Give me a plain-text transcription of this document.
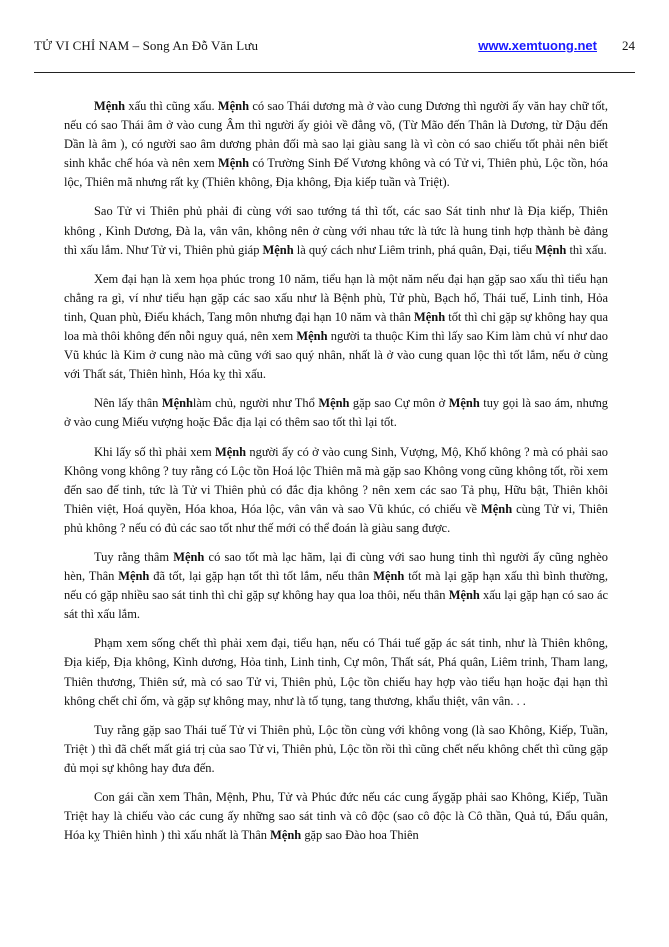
TỬ VI CHỈ NAM – Song An Đỗ Văn Lưu	www.xemtuong.net 24

Mệnh xấu thì cũng xấu. Mệnh có sao Thái dương mà ở vào cung Dương thì người ấy văn hay chữ tốt, nếu có sao Thái âm ở vào cung Âm thì người ấy giỏi về đẳng võ, (Từ Mão đến Thân là Dương, từ Dậu đến Dần là âm ), có người sao âm dương phản đối mà sao lại giàu sang là vì còn có sao chiếu tốt phải nên biết sinh khắc chế hóa và nên xem Mệnh có Trường Sinh Đế Vương không và có Tử vi, Thiên phủ, Lộc tồn, hóa lộc, Thiên mã nhưng rất kỵ (Thiên không, Địa không, Địa kiếp tuần và Triệt).

Sao Tử vi Thiên phủ phải đi cùng với sao tướng tá thì tốt, các sao Sát tinh như là Địa kiếp, Thiên không , Kình Dương, Đà la, vân vân, không nên ở cùng với nhau tức là tức là hung tinh hợp thành bè đảng thì xấu lắm. Như Tử vi, Thiên phủ giáp Mệnh là quý cách như Liêm trinh, phá quân, Đại, tiểu Mệnh thì xấu.

Xem đại hạn là xem họa phúc trong 10 năm, tiểu hạn là một năm nếu đại hạn gặp sao xấu thì tiểu hạn chẳng ra gì, ví như tiểu hạn gặp các sao xấu như là Bệnh phù, Tử phù, Bạch hổ, Thái tuế, Linh tinh, Hỏa tinh, Quan phù, Điếu khách, Tang môn nhưng đại hạn 10 năm và thân Mệnh tốt thì chỉ gặp sự không hay qua loa mà thôi không đến nỗi nguy quá, nên xem Mệnh người ta thuộc Kim thì lấy sao Kim làm chủ ví như dao Vũ khúc là Kim ở cung nào mà cũng với sao quý nhân, nhất là ở vào cung quan lộc thì tốt lắm, nếu ở cùng với Thất sát, Thiên hình, Hóa kỵ thì xấu.

Nên lấy thân Mệnhlàm chủ, người như Thổ Mệnh gặp sao Cự môn ở Mệnh tuy gọi là sao ám, nhưng ở vào cung Miếu vượng hoặc Đắc địa lại có thêm sao tốt thì lại tốt.

Khi lấy số thì phải xem Mệnh người ấy có ở vào cung Sinh, Vượng, Mộ, Khố không ? mà có phải sao Không vong không ? tuy rằng có Lộc tồn Hoá lộc Thiên mã mà gặp sao Không vong cũng không tốt, rồi xem đến sao đế tinh, tức là Tử vi Thiên phủ có đắc địa không ? nên xem các sao Tả phụ, Hữu bật, Thiên khôi Thiên việt, Hoá quyền, Hóa khoa, Hóa lộc, vân vân và sao Vũ khúc, có chiếu về Mệnh cùng Tử vi, Thiên phủ không ? nếu có đủ các sao tốt như thế mới có thể đoán là giàu sang được.

Tuy rằng thâm Mệnh có sao tốt mà lạc hãm, lại đi cùng với sao hung tinh thì người ấy cũng nghèo hèn, Thân Mệnh đã tốt, lại gặp hạn tốt thì tốt lắm, nếu thân Mệnh tốt mà lại gặp hạn xấu thì bình thường, nếu có gặp nhiều sao sát tinh thì chỉ gặp sự không hay qua loa thôi, nếu thân Mệnh xấu lại gặp hạn có sao ác sát thì xấu lắm.

Phạm xem sống chết thì phải xem đại, tiểu hạn, nếu có Thái tuế gặp ác sát tinh, như là Thiên không, Địa kiếp, Địa không, Kình dương, Hỏa tinh, Linh tinh, Cự môn, Thất sát, Phá quân, Liêm trinh, Tham lang, Thiên thương, Thiên sứ, mà có sao Tử vi, Thiên phủ, Lộc tồn chiếu hay hợp vào tiểu hạn hoặc đại hạn thì không chết chỉ ốm, và gặp sự không may, như là tố tụng, tang thương, khẩu thiệt, vân vân. . .

Tuy rằng gặp sao Thái tuế Tử vi Thiên phủ, Lộc tồn cùng với không vong (là sao Không, Kiếp, Tuần, Triệt ) thì đã chết mất giá trị của sao Tử vi, Thiên phủ, Lộc tồn rồi thì cũng chết nếu không chết thì cũng gặp đủ mọi sự không hay đưa đến.

Con gái cần xem Thân, Mệnh, Phu, Tử và Phúc đức nếu các cung ấygặp phải sao Không, Kiếp, Tuần Triệt hay là chiếu vào các cung ấy những sao sát tinh và cô độc (sao cô độc là Cô thần, Quả tú, Đẩu quân, Hóa kỵ Thiên hình ) thì xấu nhất là Thân Mệnh gặp sao Đào hoa Thiên
